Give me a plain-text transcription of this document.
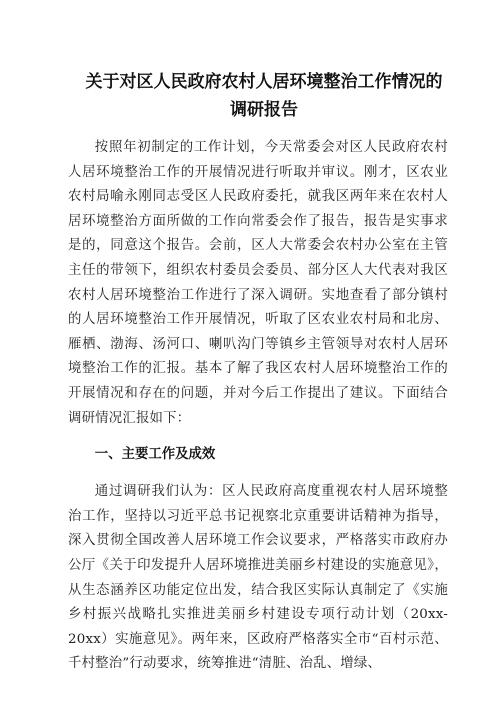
关于对区人民政府农村人居环境整治工作情况的
调研报告

按照年初制定的工作计划，今天常委会对区人民政府农村人居环境整治工作的开展情况进行听取并审议。刚才，区农业农村局喻永刚同志受区人民政府委托，就我区两年来在农村人居环境整治方面所做的工作向常委会作了报告，报告是实事求是的，同意这个报告。会前，区人大常委会农村办公室在主管主任的带领下，组织农村委员会委员、部分区人大代表对我区农村人居环境整治工作进行了深入调研。实地查看了部分镇村的人居环境整治工作开展情况，听取了区农业农村局和北房、雁栖、渤海、汤河口、喇叭沟门等镇乡主管领导对农村人居环境整治工作的汇报。基本了解了我区农村人居环境整治工作的开展情况和存在的问题，并对今后工作提出了建议。下面结合调研情况汇报如下：

一、主要工作及成效

通过调研我们认为：区人民政府高度重视农村人居环境整治工作，坚持以习近平总书记视察北京重要讲话精神为指导，深入贯彻全国改善人居环境工作会议要求，严格落实市政府办公厅《关于印发提升人居环境推进美丽乡村建设的实施意见》，从生态涵养区功能定位出发，结合我区实际认真制定了《实施乡村振兴战略扎实推进美丽乡村建设专项行动计划（20xx-20xx）实施意见》。两年来，区政府严格落实全市“百村示范、千村整治”行动要求，统筹推进“清脏、治乱、增绿、
